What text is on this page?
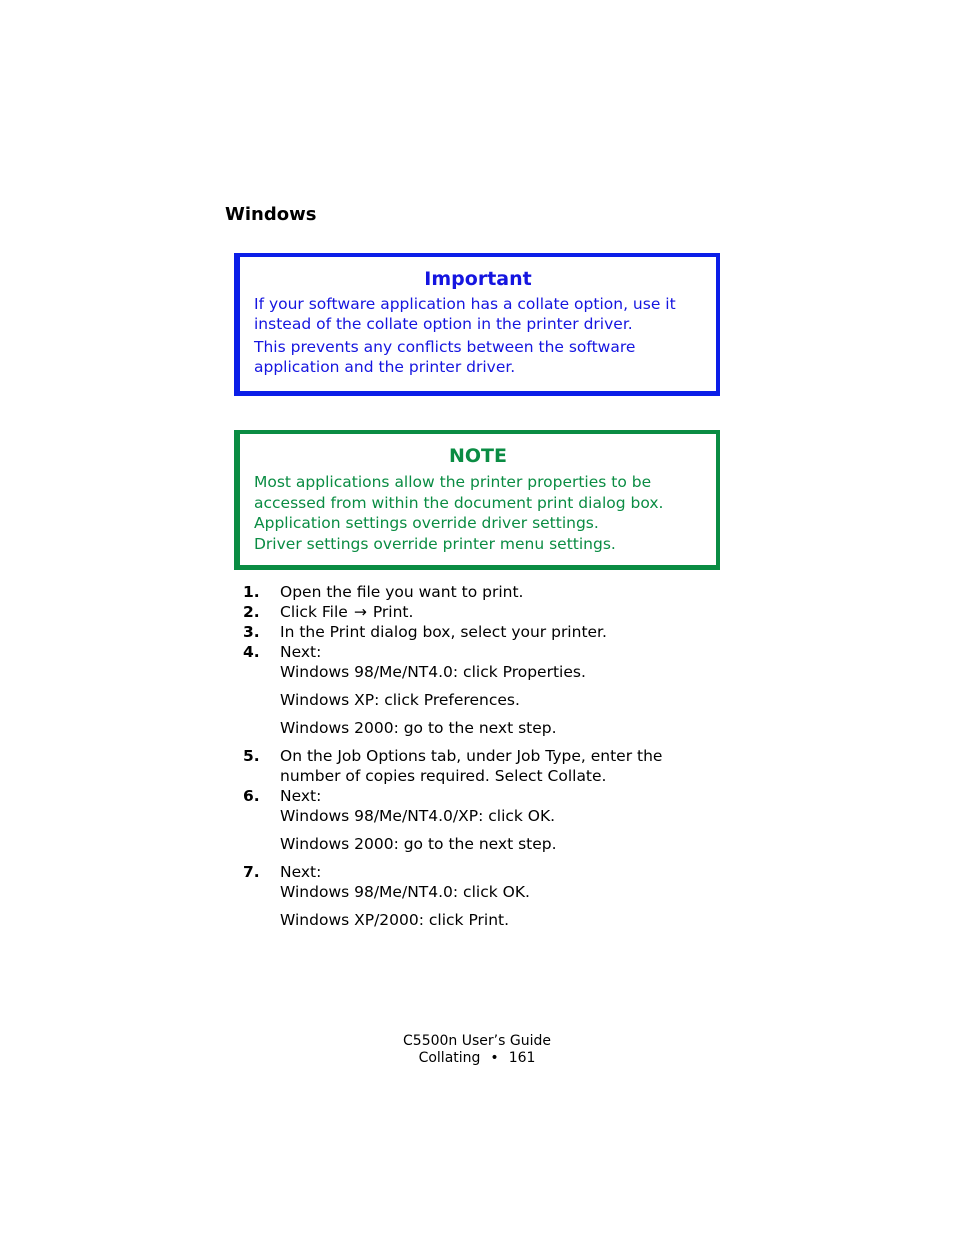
Windows
Important

If your software application has a collate option, use it instead of the collate option in the printer driver.

This prevents any conflicts between the software application and the printer driver.

NOTE

Most applications allow the printer properties to be accessed from within the document print dialog box.

Application settings override driver settings.

Driver settings override printer menu settings.

1.	Open the file you want to print.
2.	Click File → Print.
3.	In the Print dialog box, select your printer.
4.	Next:
Windows 98/Me/NT4.0: click Properties.
Windows XP: click Preferences.
Windows 2000: go to the next step.
5.	On the Job Options tab, under Job Type, enter the number of copies required. Select Collate.
6.	Next:
Windows 98/Me/NT4.0/XP: click OK.
Windows 2000: go to the next step.
7.	Next:
Windows 98/Me/NT4.0: click OK.
Windows XP/2000: click Print.
C5500n User’s Guide
Collating • 161
